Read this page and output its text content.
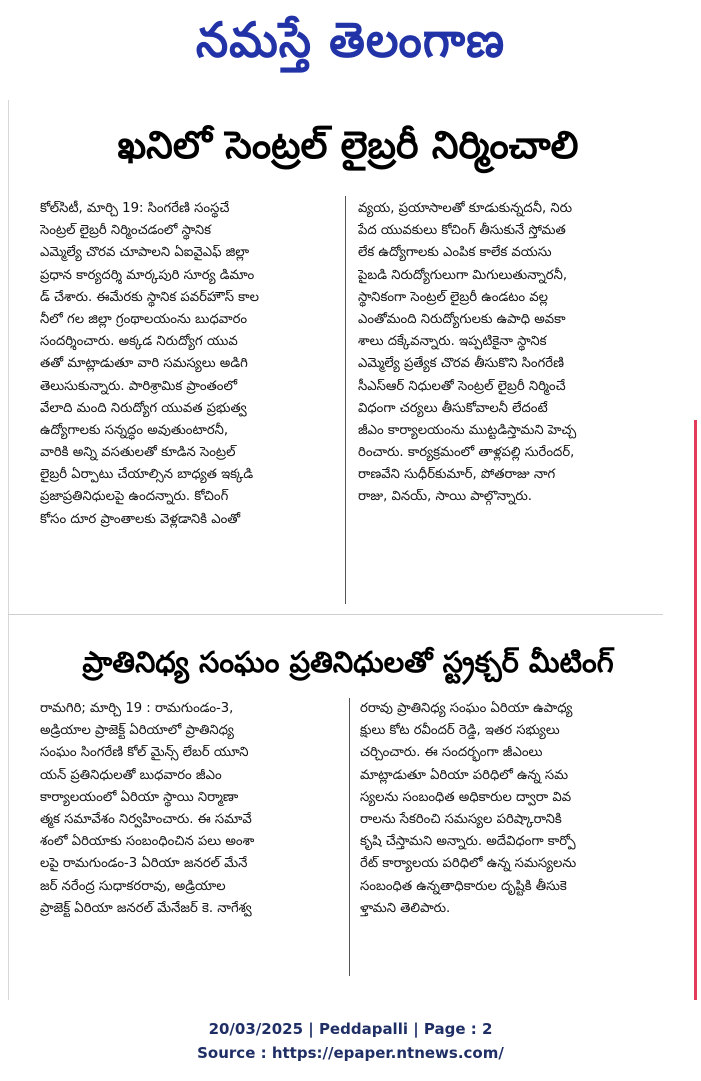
నమస్తే తెలంగాణ
ఖనిలో సెంట్రల్ లైబ్రరీ నిర్మించాలి
కోల్‌సిటీ, మార్చి 19: సింగరేణి సంస్థచే
సెంట్రల్ లైబ్రరీ నిర్మించడంలో స్థానిక
ఎమ్మెల్యే చొరవ చూపాలని ఏఐవైఎఫ్ జిల్లా
ప్రధాన కార్యదర్శి మార్కపురి సూర్య డిమాం
డ్ చేశారు. ఈమేరకు స్థానిక పవర్‌హౌస్ కాల
నీలో గల జిల్లా గ్రంథాలయంను బుధవారం
సందర్శించారు. అక్కడ నిరుద్యోగ యువ
తతో మాట్లాడుతూ వారి సమస్యలు అడిగి
తెలుసుకున్నారు. పారిశ్రామిక ప్రాంతంలో
వేలాది మంది నిరుద్యోగ యువత ప్రభుత్వ
ఉద్యోగాలకు సన్నద్ధం అవుతుంటారనీ,
వారికి అన్ని వసతులతో కూడిన సెంట్రల్
లైబ్రరీ ఏర్పాటు చేయాల్సిన బాధ్యత ఇక్కడి
ప్రజాప్రతినిధులపై ఉందన్నారు. కోచింగ్
కోసం దూర ప్రాంతాలకు వెళ్లడానికి ఎంతో
వ్యయ, ప్రయాసాలతో కూడుకున్నదనీ, నిరు
పేద యువకులు కోచింగ్ తీసుకునే స్తోమత
లేక ఉద్యోగాలకు ఎంపిక కాలేక వయసు
పైబడి నిరుద్యోగులుగా మిగులుతున్నారనీ,
స్థానికంగా సెంట్రల్ లైబ్రరీ ఉండటం వల్ల
ఎంతోమంది నిరుద్యోగులకు ఉపాధి అవకా
శాలు దక్కేవన్నారు. ఇప్పటికైనా స్థానిక
ఎమ్మెల్యే ప్రత్యేక చొరవ తీసుకొని సింగరేణి
సీఎస్ఆర్ నిధులతో సెంట్రల్ లైబ్రరీ నిర్మించే
విధంగా చర్యలు తీసుకోవాలనీ లేదంటే
జీఎం కార్యాలయంను ముట్టడిస్తామని హెచ్చ
రించారు. కార్యక్రమంలో తాళ్లపల్లి సురేందర్,
రాణవేని సుధీర్‌కుమార్, పోతరాజు నాగ
రాజు, వినయ్, సాయి పాల్గొన్నారు.
ప్రాతినిధ్య సంఘం ప్రతినిధులతో స్ట్రక్చర్ మీటింగ్
రామగిరి; మార్చి 19 : రామగుండం-3,
అడ్రియాల ప్రాజెక్ట్ ఏరియాలో ప్రాతినిధ్య
సంఘం సింగరేణి కోల్ మైన్స్ లేబర్ యూని
యన్ ప్రతినిధులతో బుధవారం జీఎం
కార్యాలయంలో ఏరియా స్థాయి నిర్మాణా
త్మక సమావేశం నిర్వహించారు. ఈ సమావే
శంలో ఏరియాకు సంబంధించిన పలు అంశా
లపై రామగుండం-3 ఏరియా జనరల్ మేనే
జర్ నరేంద్ర సుధాకరరావు, అడ్రియాల
ప్రాజెక్ట్ ఏరియా జనరల్ మేనేజర్ కె. నాగేశ్వ
రరావు ప్రాతినిధ్య సంఘం ఏరియా ఉపాధ్య
క్షులు కోట రవీందర్ రెడ్డి, ఇతర సభ్యులు
చర్చించారు. ఈ సందర్భంగా జీఎంలు
మాట్లాడుతూ ఏరియా పరిధిలో ఉన్న సమ
స్యలను సంబంధిత అధికారుల ద్వారా వివ
రాలను సేకరించి సమస్యల పరిష్కారానికి
కృషి చేస్తామని అన్నారు. అదేవిధంగా కార్పో
రేట్ కార్యాలయ పరిధిలో ఉన్న సమస్యలను
సంబంధిత ఉన్నతాధికారుల దృష్టికి తీసుకె
ళ్తామని తెలిపారు.
20/03/2025 | Peddapalli | Page : 2
Source : https://epaper.ntnews.com/
